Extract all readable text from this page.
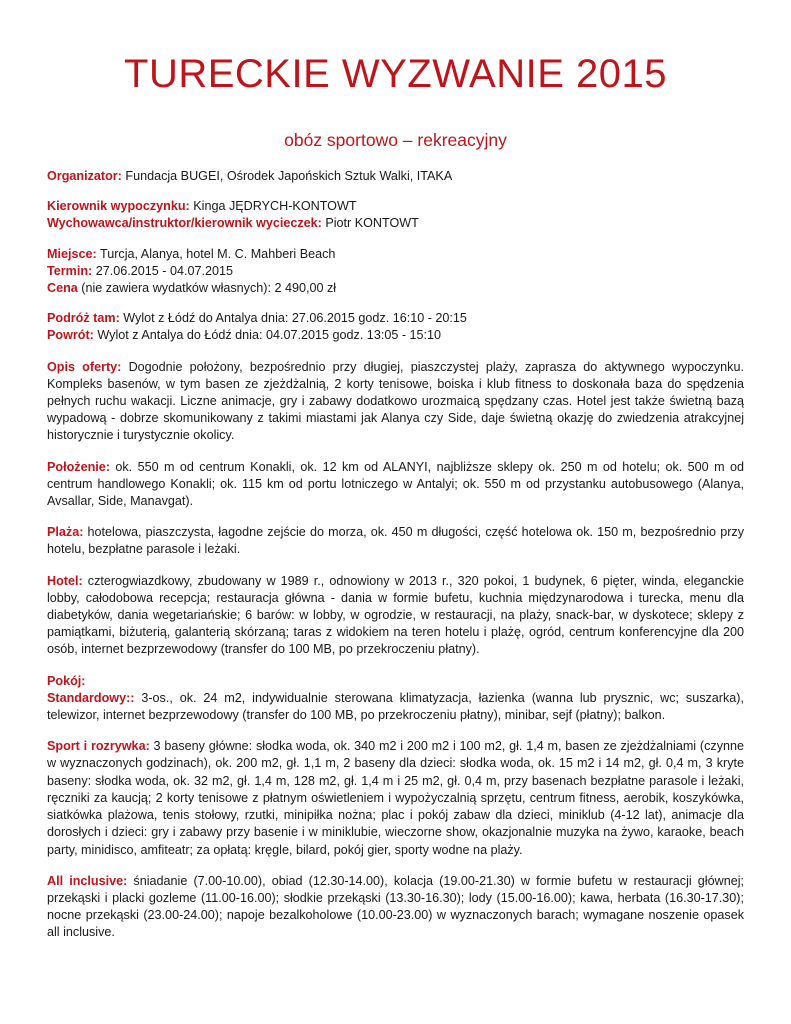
TURECKIE WYZWANIE 2015

obóz sportowo – rekreacyjny

Organizator: Fundacja BUGEI, Ośrodek Japońskich Sztuk Walki, ITAKA

Kierownik wypoczynku: Kinga JĘDRYCH-KONTOWT

Wychowawca/instruktor/kierownik wycieczek: Piotr KONTOWT

Miejsce: Turcja, Alanya, hotel M. C. Mahberi Beach

Termin: 27.06.2015 - 04.07.2015

Cena (nie zawiera wydatków własnych): 2 490,00 zł

Podróż tam: Wylot z Łódź do Antalya dnia: 27.06.2015 godz. 16:10 - 20:15

Powrót: Wylot z Antalya do Łódź dnia: 04.07.2015 godz. 13:05 - 15:10

Opis oferty: Dogodnie położony, bezpośrednio przy długiej, piaszczystej plaży, zaprasza do aktywnego wypoczynku. Kompleks basenów, w tym basen ze zjeżdżalnią, 2 korty tenisowe, boiska i klub fitness to doskonała baza do spędzenia pełnych ruchu wakacji. Liczne animacje, gry i zabawy dodatkowo urozmaicą spędzany czas. Hotel jest także świetną bazą wypadową - dobrze skomunikowany z takimi miastami jak Alanya czy Side, daje świetną okazję do zwiedzenia atrakcyjnej historycznie i turystycznie okolicy.

Położenie: ok. 550 m od centrum Konakli, ok. 12 km od ALANYI, najbliższe sklepy ok. 250 m od hotelu; ok. 500 m od centrum handlowego Konakli; ok. 115 km od portu lotniczego w Antalyi; ok. 550 m od przystanku autobusowego (Alanya, Avsallar, Side, Manavgat).

Plaża: hotelowa, piaszczysta, łagodne zejście do morza, ok. 450 m długości, część hotelowa ok. 150 m, bezpośrednio przy hotelu, bezpłatne parasole i leżaki.

Hotel: czterogwiazdkowy, zbudowany w 1989 r., odnowiony w 2013 r., 320 pokoi, 1 budynek, 6 pięter, winda, eleganckie lobby, całodobowa recepcja; restauracja główna - dania w formie bufetu, kuchnia międzynarodowa i turecka, menu dla diabetyków, dania wegetariańskie; 6 barów: w lobby, w ogrodzie, w restauracji, na plaży, snack-bar, w dyskotece; sklepy z pamiątkami, biżuterią, galanterią skórzaną; taras z widokiem na teren hotelu i plażę, ogród, centrum konferencyjne dla 200 osób, internet bezprzewodowy (transfer do 100 MB, po przekroczeniu płatny).

Pokój:

Standardowy:: 3-os., ok. 24 m2, indywidualnie sterowana klimatyzacja, łazienka (wanna lub prysznic, wc; suszarka), telewizor, internet bezprzewodowy (transfer do 100 MB, po przekroczeniu płatny), minibar, sejf (płatny); balkon.

Sport i rozrywka: 3 baseny główne: słodka woda, ok. 340 m2 i 200 m2 i 100 m2, gł. 1,4 m, basen ze zjeżdżalniami (czynne w wyznaczonych godzinach), ok. 200 m2, gł. 1,1 m, 2 baseny dla dzieci: słodka woda, ok. 15 m2 i 14 m2, gł. 0,4 m, 3 kryte baseny: słodka woda, ok. 32 m2, gł. 1,4 m, 128 m2, gł. 1,4 m i 25 m2, gł. 0,4 m, przy basenach bezpłatne parasole i leżaki, ręczniki za kaucją; 2 korty tenisowe z płatnym oświetleniem i wypożyczalnią sprzętu, centrum fitness, aerobik, koszykówka, siatkówka plażowa, tenis stołowy, rzutki, minipiłka nożna; plac i pokój zabaw dla dzieci, miniklub (4-12 lat), animacje dla dorosłych i dzieci: gry i zabawy przy basenie i w miniklubie, wieczorne show, okazjonalnie muzyka na żywo, karaoke, beach party, minidisco, amfiteatr; za opłatą: kręgle, bilard, pokój gier, sporty wodne na plaży.

All inclusive: śniadanie (7.00-10.00), obiad (12.30-14.00), kolacja (19.00-21.30) w formie bufetu w restauracji głównej; przekąski i placki gozleme (11.00-16.00); słodkie przekąski (13.30-16.30); lody (15.00-16.00); kawa, herbata (16.30-17.30); nocne przekąski (23.00-24.00); napoje bezalkoholowe (10.00-23.00) w wyznaczonych barach; wymagane noszenie opasek all inclusive.
